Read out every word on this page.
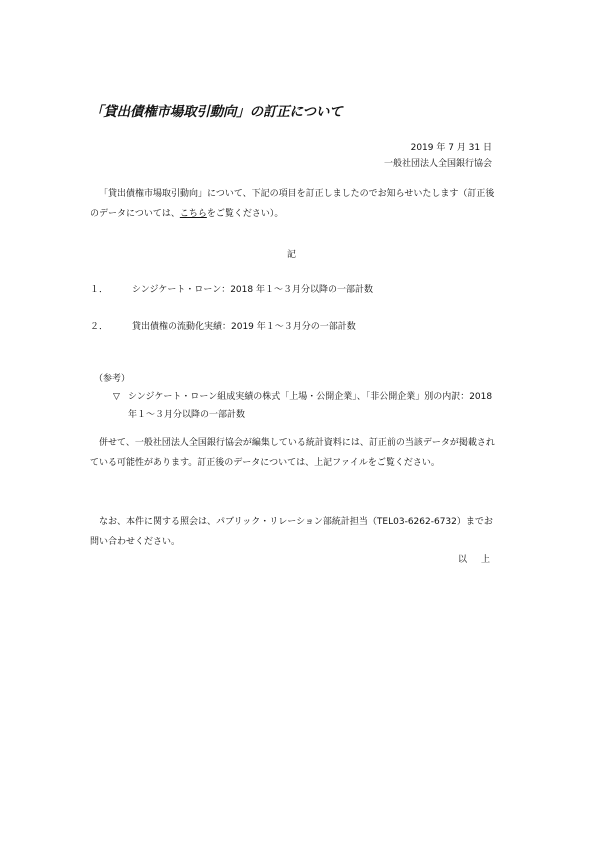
「貸出債権市場取引動向」の訂正について
2019 年 7 月 31 日
一般社団法人全国銀行協会

「貸出債権市場取引動向」について、下記の項目を訂正しましたのでお知らせいたします（訂正後のデータについては、こちらをご覧ください）。

記
１．	シンジケート・ローン：2018 年１～３月分以降の一部計数
２．	貸出債権の流動化実績：2019 年１～３月分の一部計数
（参考）
▽ シンジケート・ローン組成実績の株式「上場・公開企業」、「非公開企業」別の内訳：2018 年１～３月分以降の一部計数

併せて、一般社団法人全国銀行協会が編集している統計資料には、訂正前の当該データが掲載されている可能性があります。訂正後のデータについては、上記ファイルをご覧ください。

なお、本件に関する照会は、パブリック・リレーション部統計担当（TEL03-6262-6732）までお問い合わせください。

以上
